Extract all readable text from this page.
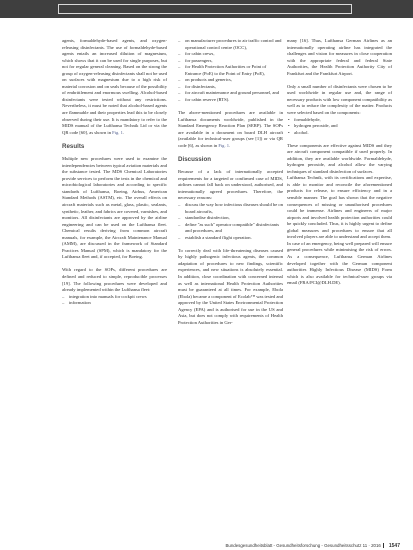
agents, formaldehyde-based agents, and oxygen-releasing disinfectants. The use of formaldehyde-based agents entails an increased dilution of magnesium, which shows that it can be used for single purposes, but not for regular general cleaning. Based on the strong the group of oxygen-releasing disinfectants shall not be used on surfaces with magnesium due to a high risk of material corrosion and on seals because of the possibility of embrittlement and enormous swelling. Alcohol-based disinfectants were tested without any restrictions. Nevertheless, it must be noted that alcohol-based agents are flammable and their properties lead this to be closely observed during their use. It is mandatory to refer to the MIDS manual of the Lufthansa Technik Ltd or via the QR code [60], as shown in Fig. 1.

Results

Multiple new procedures were used to examine the interdependencies between typical aviation materials and the substance tested. The MDS Chemical Laboratories provide services to perform the tests in the chemical and microbiological laboratories and according to specific standards of Lufthansa, Boeing, Airbus, American Standard Methods (ASTM), etc. The overall effects on aircraft materials such as metal, glass, plastic, sealants, synthetic, leather, and fabrics are covered, varnishes, and monitors. All disinfectants are approved by the airline engineering and can be used on the Lufthansa fleet. Chemical results deriving from common aircraft manuals, for example, the Aircraft Maintenance Manual (AMM), are discussed in the framework of Standard Practices Manual (SPM), which is mandatory for the Lufthansa fleet and, if accepted, for Boeing.

With regard to the SOPs, different procedures are defined and reduced to simple, reproducible processes [19]. The following procedures were developed and already implemented within the Lufthansa fleet:

– integration into manuals for cockpit crews
– information
– on manufacturer procedures to air traffic control and operational control centre (OCC),
– for cabin crews,
– for passengers,
– for Health Protection Authorities or Point of Entrance (PoE) to the Point of Entry (PoE),
– on products and generics,
– for disinfectants,
– for aircraft maintenance and ground personnel, and
– for cabin reserve (RTS).

The above-mentioned procedures are available in Lufthansa documents worldwide, published in the Standard Emergency Reaction Plan (SERP). The SOPs are available in a document on board DLH aircraft (available for technical-user groups (see [1]) or via QR code [6], as shown in Fig. 1.

Discussion

Because of a lack of internationally accepted requirements for a targeted or confirmed case of MIDS, airlines cannot fall back on understood, authorised, and internationally agreed procedures. Therefore, the necessary reasons:

– discuss the way how infectious diseases should be on board aircrafts,
– standardise disinfection,
– define "as such" operator compatible" disinfectants and procedures, and
– establish a standard flight operation.

To correctly deal with life-threatening diseases caused by highly pathogenic infectious agents, the common adaptation of procedures to new findings, scientific experiences, and new situations is absolutely essential. In addition, close coordination with concerned internal as well as international Health Protection Authorities must be guaranteed at all times. For example, Ebola (Ebola) became a component of Ecolab™ was tested and approved by the United States Environmental Protection Agency (EPA) and is authorised for use in the US and Asia, but does not comply with requirements of Health Protection Authorities in Ger-

many [16]. Thus, Lufthansa German Airlines as an internationally operating airline has integrated the challenges and vision for measures in close cooperation with the appropriate federal and federal State Authorities, the Health Protection Authority City of Frankfurt and the Frankfurt Airport.

Only a small number of disinfectants were chosen to be used worldwide in regular use and, the range of necessary products with low component compatibility as well as to reduce the complexity of the matter. Products were selected based on the components:

• formaldehyde,
• hydrogen peroxide, and
• alcohol.

These components are effective against MIDS and they are aircraft component compatible if used properly. In addition, they are available worldwide. Formaldehyde, hydrogen peroxide, and alcohol allow the varying techniques of standard disinfection of surfaces.

Lufthansa Technik, with its certifications and expertise, is able to monitor and reconcile the aforementioned products for release, to ensure efficiency and in a sensible manner. The goal has shown that the negative consequences of missing or unauthorised procedures could be immense. Airlines and engineers of major airports and involved health protection authorities could be quickly concluded. Thus, it is highly urgent to define global measures and procedures to ensure that all involved players are able to understand and accept them.

In case of an emergency, being well prepared will ensure general procedures while minimising the risk of errors. As a consequence, Lufthansa German Airlines developed together with the German component authorities Highly Infectious Disease (MIDS) Form which is also available for technical-user groups via email (FRA/PCI@DLH.DE).

Bundesgesundheitsblatt - Gesundheitsforschung - Gesundheitsschutz 11 · 2016 1547
